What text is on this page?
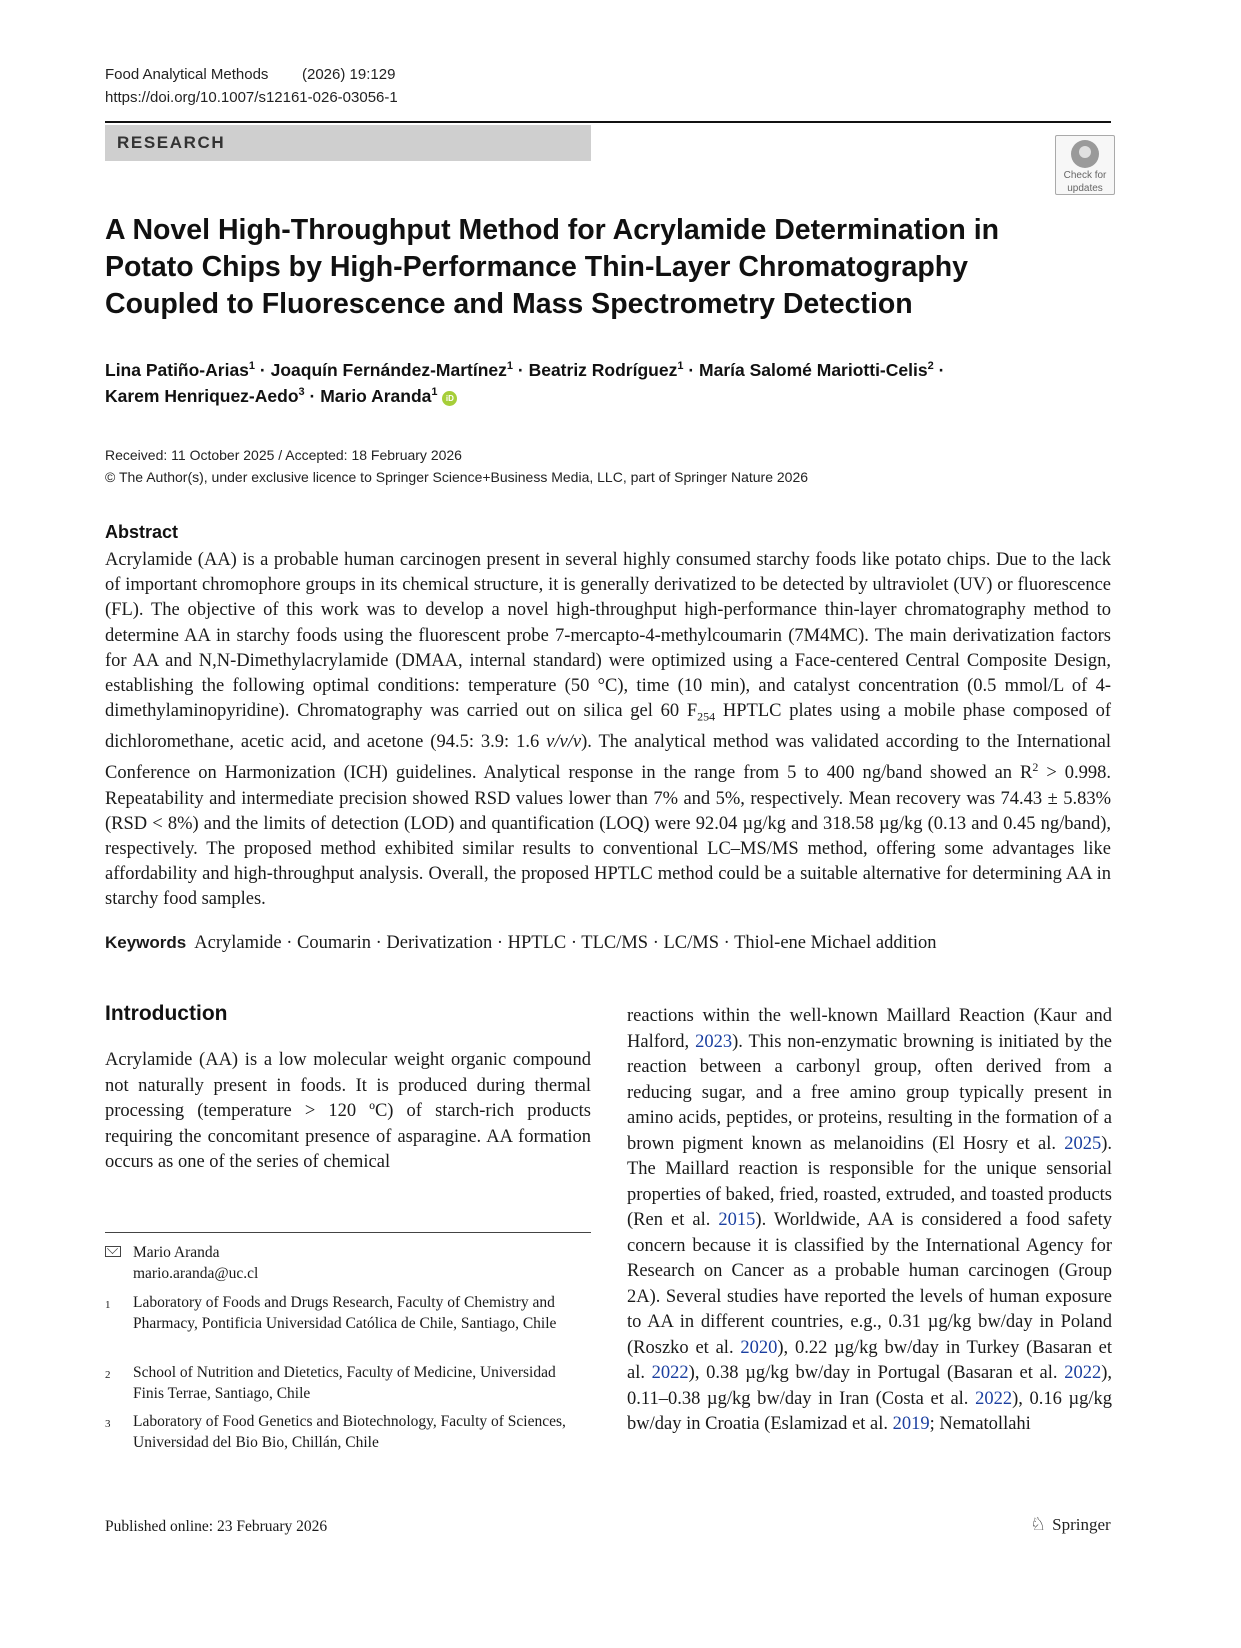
Food Analytical Methods (2026) 19:129
https://doi.org/10.1007/s12161-026-03056-1
RESEARCH
Check for
updates
A Novel High-Throughput Method for Acrylamide Determination in Potato Chips by High-Performance Thin-Layer Chromatography Coupled to Fluorescence and Mass Spectrometry Detection
Lina Patiño-Arias$^1$ · Joaquín Fernández-Martínez$^1$ · Beatriz Rodríguez$^1$ · María Salomé Mariotti-Celis$^2$ ·
Karem Henriquez-Aedo$^3$ · Mario Aranda$^1$ iD
Received: 11 October 2025 / Accepted: 18 February 2026
© The Author(s), under exclusive licence to Springer Science+Business Media, LLC, part of Springer Nature 2026
Abstract
Acrylamide (AA) is a probable human carcinogen present in several highly consumed starchy foods like potato chips. Due to the lack of important chromophore groups in its chemical structure, it is generally derivatized to be detected by ultraviolet (UV) or fluorescence (FL). The objective of this work was to develop a novel high-throughput high-performance thin-layer chromatography method to determine AA in starchy foods using the fluorescent probe 7-mercapto-4-methylcoumarin (7M4MC). The main derivatization factors for AA and N,N-Dimethylacrylamide (DMAA, internal standard) were optimized using a Face-centered Central Composite Design, establishing the following optimal conditions: temperature (50 °C), time (10 min), and catalyst concentration (0.5 mmol/L of 4-dimethylaminopyridine). Chromatography was carried out on silica gel 60 $F_{254}$ HPTLC plates using a mobile phase composed of dichloromethane, acetic acid, and acetone (94.5: 3.9: 1.6 v/v/v). The analytical method was validated according to the International Conference on Harmonization (ICH) guidelines. Analytical response in the range from 5 to 400 ng/band showed an $R^2 > 0.998$. Repeatability and intermediate precision showed RSD values lower than 7% and 5%, respectively. Mean recovery was 74.43 ± 5.83% (RSD < 8%) and the limits of detection (LOD) and quantification (LOQ) were 92.04 µg/kg and 318.58 µg/kg (0.13 and 0.45 ng/band), respectively. The proposed method exhibited similar results to conventional LC–MS/MS method, offering some advantages like affordability and high-throughput analysis. Overall, the proposed HPTLC method could be a suitable alternative for determining AA in starchy food samples.
Keywords Acrylamide · Coumarin · Derivatization · HPTLC · TLC/MS · LC/MS · Thiol-ene Michael addition
Introduction
Acrylamide (AA) is a low molecular weight organic compound not naturally present in foods. It is produced during thermal processing (temperature > 120 ºC) of starch-rich products requiring the concomitant presence of asparagine. AA formation occurs as one of the series of chemical
reactions within the well-known Maillard Reaction (Kaur and Halford, 2023). This non-enzymatic browning is initiated by the reaction between a carbonyl group, often derived from a reducing sugar, and a free amino group typically present in amino acids, peptides, or proteins, resulting in the formation of a brown pigment known as melanoidins (El Hosry et al. 2025). The Maillard reaction is responsible for the unique sensorial properties of baked, fried, roasted, extruded, and toasted products (Ren et al. 2015). Worldwide, AA is considered a food safety concern because it is classified by the International Agency for Research on Cancer as a probable human carcinogen (Group 2A). Several studies have reported the levels of human exposure to AA in different countries, e.g., 0.31 µg/kg bw/day in Poland (Roszko et al. 2020), 0.22 µg/kg bw/day in Turkey (Basaran et al. 2022), 0.38 µg/kg bw/day in Portugal (Basaran et al. 2022), 0.11–0.38 µg/kg bw/day in Iran (Costa et al. 2022), 0.16 µg/kg bw/day in Croatia (Eslamizad et al. 2019; Nematollahi
Mario Aranda
mario.aranda@uc.cl
1 Laboratory of Foods and Drugs Research, Faculty of Chemistry and Pharmacy, Pontificia Universidad Católica de Chile, Santiago, Chile
2 School of Nutrition and Dietetics, Faculty of Medicine, Universidad Finis Terrae, Santiago, Chile
3 Laboratory of Food Genetics and Biotechnology, Faculty of Sciences, Universidad del Bio Bio, Chillán, Chile
Published online: 23 February 2026	♘ Springer
